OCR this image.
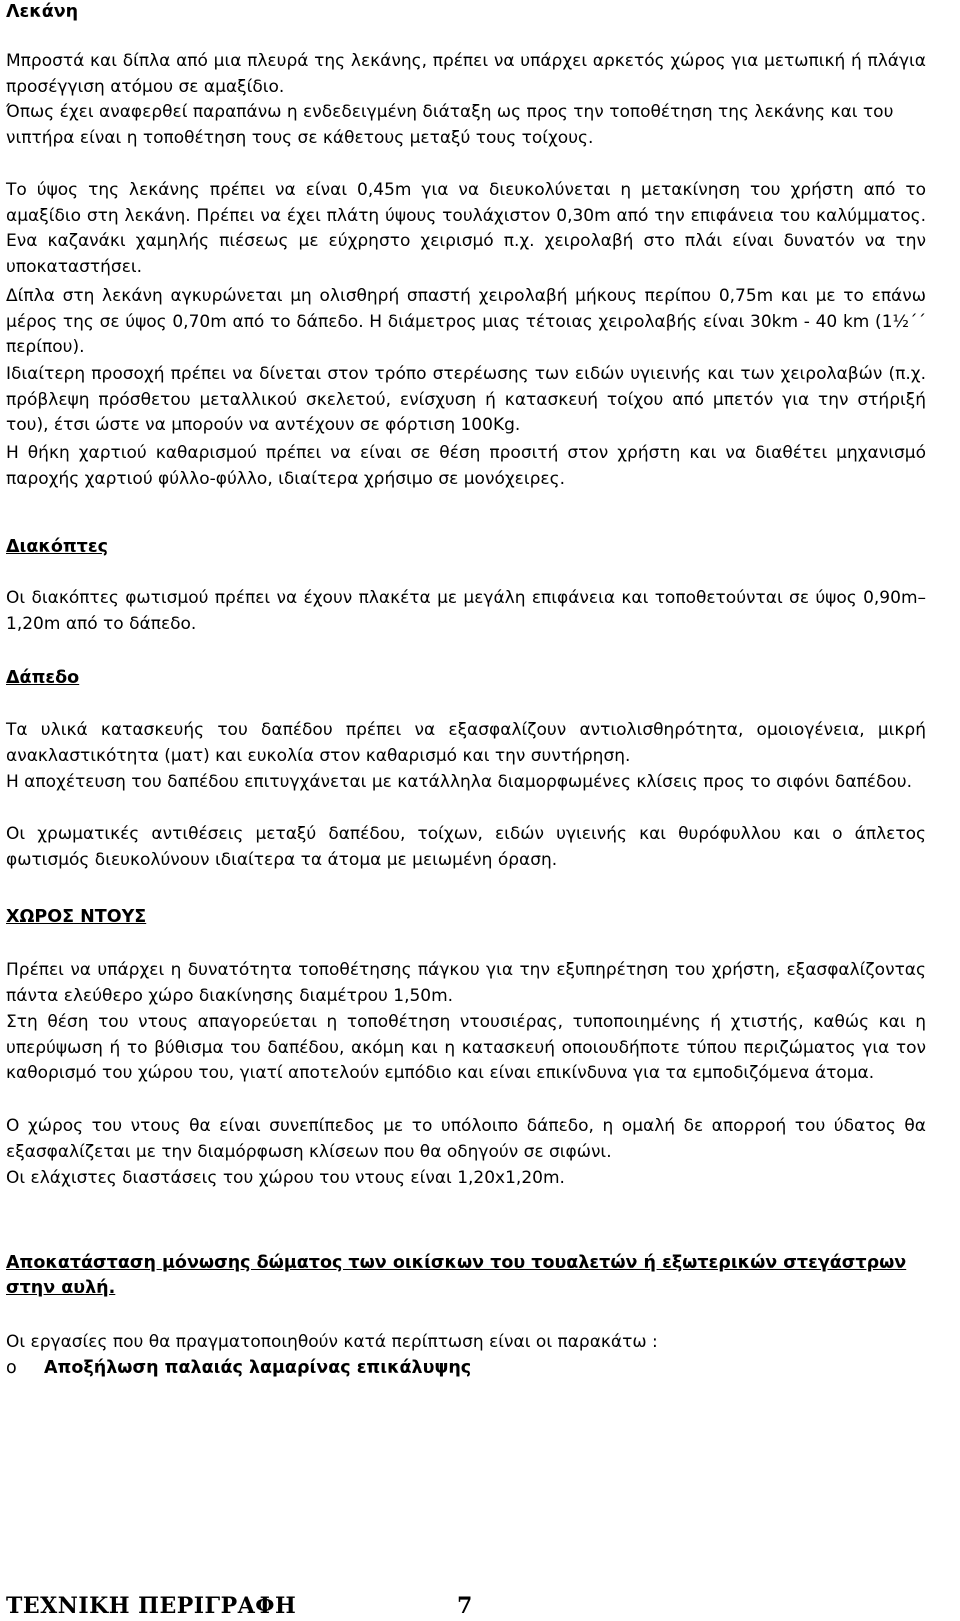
Λεκάνη

Μπροστά και δίπλα από μια πλευρά της λεκάνης, πρέπει να υπάρχει αρκετός χώρος για μετωπική ή πλάγια προσέγγιση ατόμου σε αμαξίδιο.

Όπως έχει αναφερθεί παραπάνω η ενδεδειγμένη διάταξη ως προς την τοποθέτηση της λεκάνης και του νιπτήρα είναι η τοποθέτηση τους σε κάθετους μεταξύ τους τοίχους.

Το ύψος της λεκάνης πρέπει να είναι 0,45m για να διευκολύνεται η μετακίνηση του χρήστη από το αμαξίδιο στη λεκάνη. Πρέπει να έχει πλάτη ύψους τουλάχιστον 0,30m από την επιφάνεια του καλύμματος. Ενα καζανάκι χαμηλής πιέσεως με εύχρηστο χειρισμό π.χ. χειρολαβή στο πλάι είναι δυνατόν να την υποκαταστήσει.

Δίπλα στη λεκάνη αγκυρώνεται μη ολισθηρή σπαστή χειρολαβή μήκους περίπου 0,75m και με το επάνω μέρος της σε ύψος 0,70m από το δάπεδο. Η διάμετρος μιας τέτοιας χειρολαβής είναι 30km - 40 km (1½΄΄ περίπου).

Ιδιαίτερη προσοχή πρέπει να δίνεται στον τρόπο στερέωσης των ειδών υγιεινής και των χειρολαβών (π.χ. πρόβλεψη πρόσθετου μεταλλικού σκελετού, ενίσχυση ή κατασκευή τοίχου από μπετόν για την στήριξή του), έτσι ώστε να μπορούν να αντέχουν σε φόρτιση 100Kg.

Η θήκη χαρτιού καθαρισμού πρέπει να είναι σε θέση προσιτή στον χρήστη και να διαθέτει μηχανισμό παροχής χαρτιού φύλλο-φύλλο, ιδιαίτερα χρήσιμο σε μονόχειρες.

Διακόπτες

Οι διακόπτες φωτισμού πρέπει να έχουν πλακέτα με μεγάλη επιφάνεια και τοποθετούνται σε ύψος 0,90m– 1,20m από το δάπεδο.

Δάπεδο

Τα υλικά κατασκευής του δαπέδου πρέπει να εξασφαλίζουν αντιολισθηρότητα, ομοιογένεια, μικρή ανακλαστικότητα (ματ) και ευκολία στον καθαρισμό και την συντήρηση.

Η αποχέτευση του δαπέδου επιτυγχάνεται με κατάλληλα διαμορφωμένες κλίσεις προς το σιφόνι δαπέδου.

Οι χρωματικές αντιθέσεις μεταξύ δαπέδου, τοίχων, ειδών υγιεινής και θυρόφυλλου και ο άπλετος φωτισμός διευκολύνουν ιδιαίτερα τα άτομα με μειωμένη όραση.

ΧΩΡΟΣ ΝΤΟΥΣ

Πρέπει να υπάρχει η δυνατότητα τοποθέτησης πάγκου για την εξυπηρέτηση του χρήστη, εξασφαλίζοντας πάντα ελεύθερο χώρο διακίνησης διαμέτρου 1,50m.

Στη θέση του ντους απαγορεύεται η τοποθέτηση ντουσιέρας, τυποποιημένης ή χτιστής, καθώς και η υπερύψωση ή το βύθισμα του δαπέδου, ακόμη και η κατασκευή οποιουδήποτε τύπου περιζώματος για τον καθορισμό του χώρου του, γιατί αποτελούν εμπόδιο και είναι επικίνδυνα για τα εμποδιζόμενα άτομα.

Ο χώρος του ντους θα είναι συνεπίπεδος με το υπόλοιπο δάπεδο, η ομαλή δε απορροή του ύδατος θα εξασφαλίζεται με την διαμόρφωση κλίσεων που θα οδηγούν σε σιφώνι.

Οι ελάχιστες διαστάσεις του χώρου του ντους είναι 1,20x1,20m.

Αποκατάσταση μόνωσης δώματος των οικίσκων του τουαλετών ή εξωτερικών στεγάστρων στην αυλή.

Οι εργασίες που θα πραγματοποιηθούν κατά περίπτωση είναι οι παρακάτω :

o	Αποξήλωση παλαιάς λαμαρίνας επικάλυψης
ΤΕΧΝΙΚΗ ΠΕΡΙΓΡΑΦΗ	7
